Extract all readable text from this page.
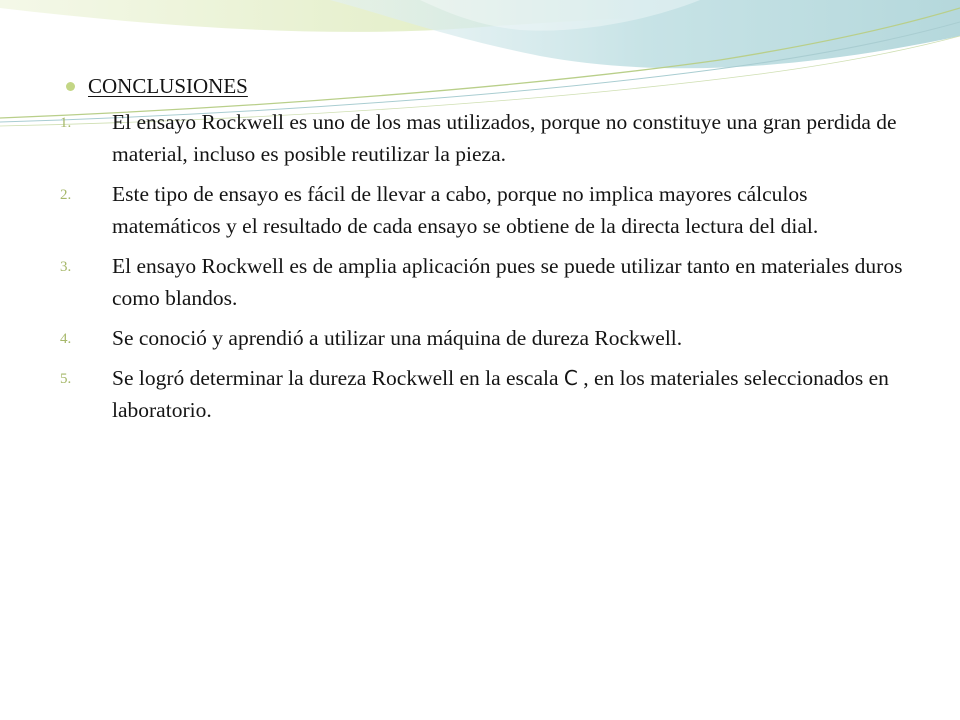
CONCLUSIONES
1. El ensayo Rockwell es uno de los mas utilizados, porque no constituye una gran perdida de material, incluso es posible reutilizar la pieza.
2. Este tipo de ensayo es fácil de llevar a cabo, porque no implica mayores cálculos matemáticos y el resultado de cada ensayo se obtiene de la directa lectura del dial.
3. El ensayo Rockwell es de amplia aplicación pues se puede utilizar tanto en materiales duros como blandos.
4. Se conoció y aprendió a utilizar una máquina de dureza Rockwell.
5. Se logró determinar la dureza Rockwell en la escala C , en los materiales seleccionados en laboratorio.
